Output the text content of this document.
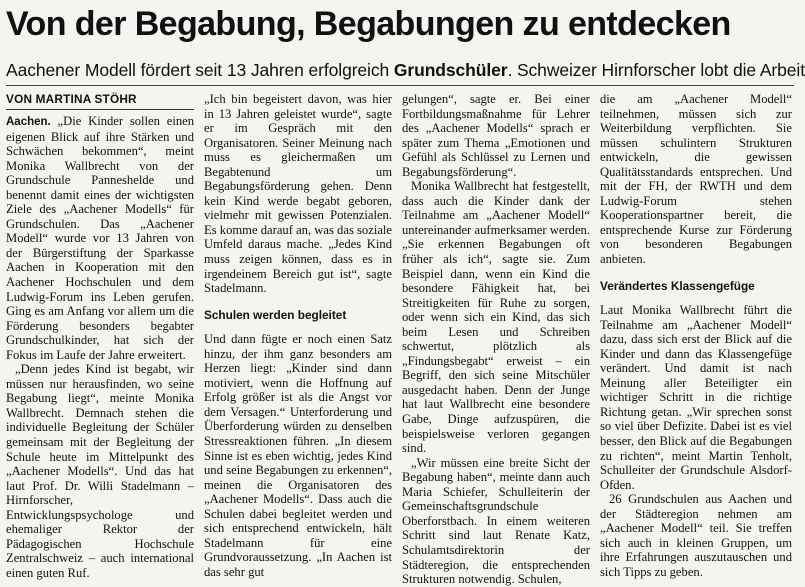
Von der Begabung, Begabungen zu entdecken

Aachener Modell fördert seit 13 Jahren erfolgreich Grundschüler. Schweizer Hirnforscher lobt die Arbeit

VON MARTINA STÖHR

Aachen. „Die Kinder sollen einen eigenen Blick auf ihre Stärken und Schwächen bekommen“, meint Monika Wallbrecht von der Grundschule Panneshelde und benennt damit eines der wichtigsten Ziele des „Aachener Modells“ für Grundschulen. Das „Aachener Modell“ wurde vor 13 Jahren von der Bürgerstiftung der Sparkasse Aachen in Kooperation mit den Aachener Hochschulen und dem Ludwig-Forum ins Leben gerufen. Ging es am Anfang vor allem um die Förderung besonders begabter Grundschulkinder, hat sich der Fokus im Laufe der Jahre erweitert.

„Denn jedes Kind ist begabt, wir müssen nur herausfinden, wo seine Begabung liegt“, meinte Monika Wallbrecht. Demnach stehen die individuelle Begleitung der Schüler gemeinsam mit der Begleitung der Schule heute im Mittelpunkt des „Aachener Modells“. Und das hat laut Prof. Dr. Willi Stadelmann – Hirnforscher, Entwicklungspsychologe und ehemaliger Rektor der Pädagogischen Hochschule Zentralschweiz – auch international einen guten Ruf.

„Ich bin begeistert davon, was hier in 13 Jahren geleistet wurde“, sagte er im Gespräch mit den Organisatoren. Seiner Meinung nach muss es gleichermaßen um Begabtenund um Begabungsförderung gehen. Denn kein Kind werde begabt geboren, vielmehr mit gewissen Potenzialen. Es komme darauf an, was das soziale Umfeld daraus mache. „Jedes Kind muss zeigen können, dass es in irgendeinem Bereich gut ist“, sagte Stadelmann.

Schulen werden begleitet

Und dann fügte er noch einen Satz hinzu, der ihm ganz besonders am Herzen liegt: „Kinder sind dann motiviert, wenn die Hoffnung auf Erfolg größer ist als die Angst vor dem Versagen.“ Unterforderung und Überforderung würden zu denselben Stressreaktionen führen. „In diesem Sinne ist es eben wichtig, jedes Kind und seine Begabungen zu erkennen“, meinen die Organisatoren des „Aachener Modells“. Dass auch die Schulen dabei begleitet werden und sich entsprechend entwickeln, hält Stadelmann für eine Grundvoraussetzung. „In Aachen ist das sehr gut

gelungen“, sagte er. Bei einer Fortbildungsmaßnahme für Lehrer des „Aachener Modells“ sprach er später zum Thema „Emotionen und Gefühl als Schlüssel zu Lernen und Begabungsförderung“.

Monika Wallbrecht hat festgestellt, dass auch die Kinder dank der Teilnahme am „Aachener Modell“ untereinander aufmerksamer werden. „Sie erkennen Begabungen oft früher als ich“, sagte sie. Zum Beispiel dann, wenn ein Kind die besondere Fähigkeit hat, bei Streitigkeiten für Ruhe zu sorgen, oder wenn sich ein Kind, das sich beim Lesen und Schreiben schwertut, plötzlich als „Findungsbegabt“ erweist – ein Begriff, den sich seine Mitschüler ausgedacht haben. Denn der Junge hat laut Wallbrecht eine besondere Gabe, Dinge aufzuspüren, die beispielsweise verloren gegangen sind.

„Wir müssen eine breite Sicht der Begabung haben“, meinte dann auch Maria Schiefer, Schulleiterin der Gemeinschaftsgrundschule Oberforstbach. In einem weiteren Schritt sind laut Renate Katz, Schulamtsdirektorin der Städteregion, die entsprechenden Strukturen notwendig. Schulen,

die am „Aachener Modell“ teilnehmen, müssen sich zur Weiterbildung verpflichten. Sie müssen schulintern Strukturen entwickeln, die gewissen Qualitätsstandards entsprechen. Und mit der FH, der RWTH und dem Ludwig-Forum stehen Kooperationspartner bereit, die entsprechende Kurse zur Förderung von besonderen Begabungen anbieten.

Verändertes Klassengefüge

Laut Monika Wallbrecht führt die Teilnahme am „Aachener Modell“ dazu, dass sich erst der Blick auf die Kinder und dann das Klassengefüge verändert. Und damit ist nach Meinung aller Beteiligter ein wichtiger Schritt in die richtige Richtung getan. „Wir sprechen sonst so viel über Defizite. Dabei ist es viel besser, den Blick auf die Begabungen zu richten“, meint Martin Tenholt, Schulleiter der Grundschule Alsdorf-Ofden.

26 Grundschulen aus Aachen und der Städteregion nehmen am „Aachener Modell“ teil. Sie treffen sich auch in kleinen Gruppen, um ihre Erfahrungen auszutauschen und sich Tipps zu geben.
